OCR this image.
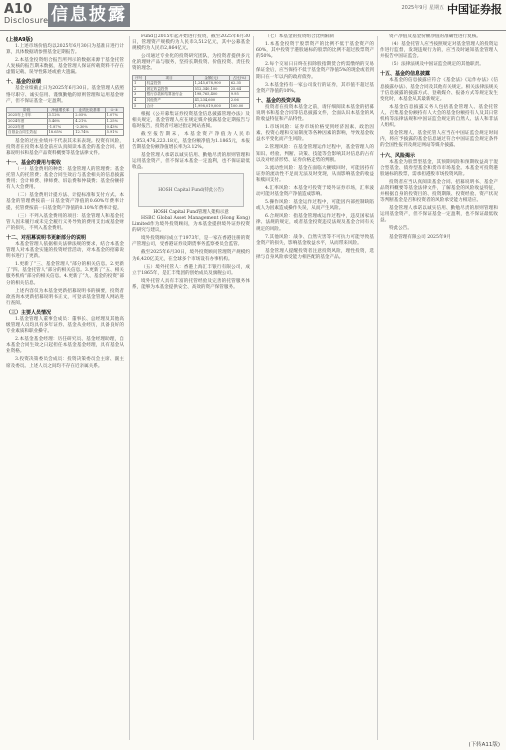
A10
Disclosure 信息披露	2025年9月 星期五 中国证券报
(上接A9版)

1.上述市场价值均以2025年6月30日为基准日进行计算，具体数据请参照基金定期报告。

2.本基金投资组合报告所列示的数据来源于基金托管人复核的报告期末数据，基金管理人保证所载资料不存在虚假记载、误导性陈述或重大遗漏。

十、基金的业绩

基金业绩截止日为2025年6月30日。基金管理人依照恪尽职守、诚实信用、谨慎勤勉的原则管理和运用基金财产，但不保证基金一定盈利。

阶段	净值增长率	业绩比较基准	①-③
2025年上半年	3.12%	2.05%	1.07%
2024年度	5.46%	4.21%	1.25%
2023年度	-1.87%	-2.30%	0.43%
自基金合同生效起	18.65%	12.74%	5.91%

基金的过往业绩并不代表其未来表现。投资有风险，投资者在投资本基金前应认真阅读本基金的基金合同、招募说明书和基金产品资料概要等基金法律文件。

十一、基金的费用与税收

（一）基金费用的种类：基金管理人的管理费；基金托管人的托管费；基金合同生效后与基金相关的信息披露费用；会计师费、律师费、诉讼费和仲裁费；基金份额持有人大会费用。

（二）基金费用计提方法、计提标准和支付方式。本基金的管理费按前一日基金资产净值的0.60%年费率计提，托管费按前一日基金资产净值的0.10%年费率计提。

（三）不列入基金费用的项目：基金管理人和基金托管人因未履行或未完全履行义务导致的费用支出或基金财产的损失，不列入基金费用。

十二、对招募说明书更新部分的说明

本基金管理人依据相关法律法规的要求，结合本基金管理人对本基金实施的投资经营活动，对本基金的招募说明书进行了更新。

1.更新了“三、基金管理人”部分的相关信息。2.更新了“四、基金托管人”部分的相关信息。3.更新了“五、相关服务机构”部分的相关信息。4.更新了“九、基金的投资”部分的相关信息。

上述内容仅为本基金更新招募说明书的摘要，投资者欲查询本更新招募说明书正文，可登录基金管理人网站进行查阅。

（三）主要人员情况

1.基金管理人董事会成员：董事长、总经理及其他高级管理人员均具有多年证券、基金从业经历，具备良好的专业素质和职业操守。

2.本基金基金经理：历任研究员、基金经理助理，自本基金合同生效之日起担任本基金基金经理，具有基金从业资格。

3.投资决策委员会成员：投资决策委员会主席、副主席及委员。上述人员之间均不存在近亲属关系。

Fund自2015年起开始进行投资，截至2025年6月30日，管理资产规模约为人民币3,512亿元，其中公募基金规模约为人民币2,864亿元。

公司通过专业化的投资研究团队，为投资者提供多元化的理财产品与服务，坚持长期投资、价值投资、责任投资的理念。

序号	项目	金额(元)	占比(%)
1	权益投资	1,245,678,900	62.35
2	固定收益投资	512,340,100	25.64
3	银行存款和结算备付金	198,765,400	9.95
4	其他资产	41,234,600	2.06
5	合计	1,998,019,000	100.00

根据《公开募集证券投资基金信息披露管理办法》及相关规定，基金管理人应在规定媒介披露基金定期报告与临时报告，投资者可通过指定网站查阅。

截至报告期末，本基金资产净值为人民币1,953,476,223.18元，基金份额净值为1.1865元，本报告期基金份额净值增长率为3.12%。

基金管理人承诺以诚实信用、勤勉尽责的原则管理和运用基金资产，但不保证本基金一定盈利，也不保证最低收益。

HOSH Capital Fund(特此公告)
HOSH Capital Fund管理人架构示意

HSBC Global Asset Management (Hong Kong) Limited作为境外投资顾问，为本基金提供境外证券投资的研究与建议。

境外投资顾问成立于1973年，是一家在香港注册的资产管理公司，受香港证券及期货事务监察委员会监管。

截至2025年6月30日，境外投资顾问管理资产规模约为6,420亿美元，在全球多个市场设有办事机构。

（五）境外托管人：香港上海汇丰银行有限公司，成立于1865年，是汇丰集团的创始成员及旗舰公司。

境外托管人具有丰富的托管经验及完善的托管服务体系，能够为本基金提供安全、高效的资产保管服务。

（七）本基金的投资组合比例限制

1.本基金投资于股票资产的比例不低于基金资产的60%，其中投资于港股通标的股票的比例不超过股票资产的50%。

2.每个交易日日终在扣除股指期货合约需缴纳的交易保证金后，应当保持不低于基金资产净值5%的现金或者到期日在一年以内的政府债券。

3.本基金持有一家公司发行的证券，其市值不超过基金资产净值的10%。

十、基金的投资风险

投资者在投资本基金之前，请仔细阅读本基金的招募说明书和基金合同等信息披露文件，全面认识本基金的风险收益特征和产品特性。

1.市场风险：证券市场价格受到经济因素、政治因素、投资心理和交易制度等各种因素的影响，导致基金收益水平变化而产生风险。

2.管理风险：在基金管理运作过程中，基金管理人的知识、经验、判断、决策、技能等会影响其对信息的占有以及对经济形势、证券价格走势的判断。

3.流动性风险：基金在面临大额赎回时，可能因持有证券的流动性不足而无法及时变现，从而影响基金的收益和赎回支付。

4.汇率风险：本基金可投资于境外证券市场，汇率波动可能对基金资产净值造成影响。

5.操作风险：基金运作过程中，可能因内部控制缺陷或人为因素造成操作失误，从而产生风险。

6.合规风险：指基金管理或运作过程中，违反国家法律、法规的规定，或者基金投资违反法规及基金合同有关规定的风险。

7.其他风险：战争、自然灾害等不可抗力可能导致基金资产的损失，影响基金收益水平，从而带来风险。

基金管理人提醒投资者注意投资风险，理性投资，选择与自身风险承受能力相匹配的基金产品。

资产净值及基金份额净值的准确性进行复核。

（4）基金托管人应当按照规定对基金管理人的投资运作进行监督，发现违规行为的，应当及时通知基金管理人并报告中国证监会。

（5）法律法规及中国证监会规定的其他职责。

十五、基金的信息披露

本基金的信息披露应符合《基金法》《运作办法》《信息披露办法》、基金合同及其他有关规定。相关法律法规关于信息披露的披露方式、登载媒介、报备方式等规定发生变化时，本基金从其最新规定。

本基金信息披露义务人包括基金管理人、基金托管人、召集基金份额持有人大会的基金份额持有人及其日常机构等法律法规和中国证监会规定的自然人、法人和非法人组织。

基金管理人、基金托管人应当在中国证监会规定时间内，将应予披露的基金信息通过符合中国证监会规定条件的全国性报刊及规定网站等媒介披露。

十六、风险揭示

本基金为股票型基金，其预期风险和预期收益高于混合型基金、债券型基金和货币市场基金。本基金可投资港股通标的股票，需承担港股市场投资风险。

投资者应当认真阅读基金合同、招募说明书、基金产品资料概要等基金法律文件，了解基金的风险收益特征，并根据自身的投资目的、投资期限、投资经验、资产状况等判断基金是否和投资者的风险承受能力相适应。

基金管理人承诺以诚实信用、勤勉尽责的原则管理和运用基金资产，但不保证基金一定盈利，也不保证最低收益。

特此公告。

基金管理有限公司 2025年9月

(下转A11版)
